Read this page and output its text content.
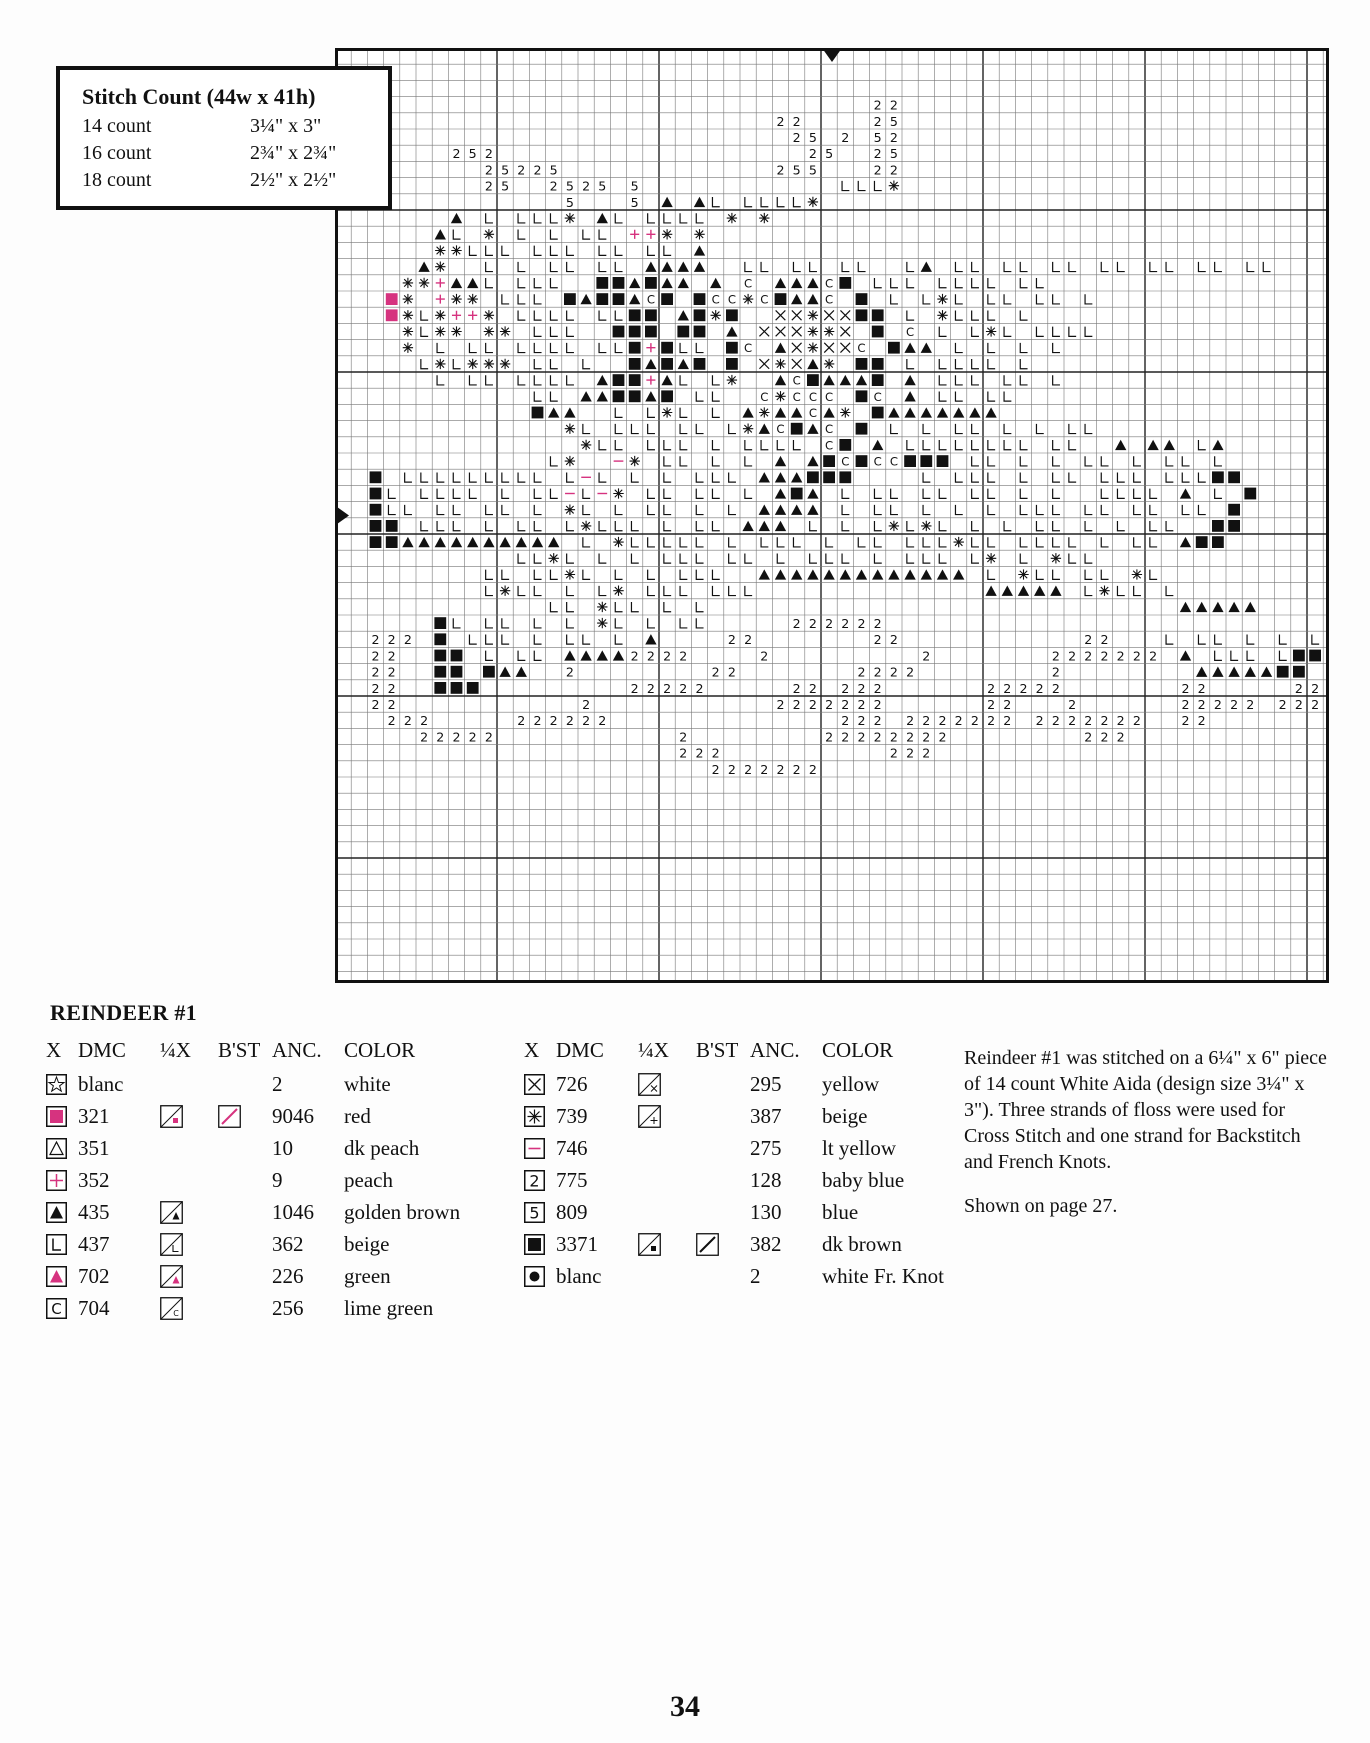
2 2
2 2	2 5
2 5 2 5 2
2 5 2	2 5	2 5
2 5 2 2 5	2 5 5	2 2
2 5	2 5 2 5 5
5	5
C	C
C	C C C	C
C
C	C
C
C C C C	C
C
C	C
C
C C C
2 2 2 2 2 2
2 2 2	2 2	2 2	2 2
2 2	2 2 2 2	2	2	2 2 2 2 2 2 2
2 2	2	2 2	2 2 2 2	2
2 2	2 2 2 2 2	2 2 2 2 2	2 2 2 2 2	2 2	2 2
2 2	2	2 2 2 2 2 2 2	2 2	2	2 2 2 2 2 2 2 2
2 2 2	2 2 2 2 2 2	2 2 2 2 2 2 2 2 2 2 2 2 2 2 2 2 2	2 2
2 2 2 2 2	2	2 2 2 2 2 2 2 2	2 2 2
2 2 2	2 2 2
2 2 2 2 2 2 2
Stitch Count (44w x 41h)
14 count	3¼" x 3"
16 count	2¾" x 2¾"
18 count	2½" x 2½"
REINDEER #1
X DMC	¼X	B'ST ANC.	COLOR
blanc	2	white
321	9046	red
351	10	dk peach
352	9	peach
435	1046	golden brown
437	362	beige
702	226	green
C 704	C	256	lime green
X DMC	¼X	B'ST ANC.	COLOR
726	295	yellow
739	387	beige
746	275	lt yellow
2 775	128	baby blue
5 809	130	blue
3371	382	dk brown
blanc	2	white Fr. Knot

Reindeer #1 was stitched on a 6¼" x 6" piece of 14 count White Aida (design size 3¼" x 3"). Three strands of floss were used for Cross Stitch and one strand for Backstitch and French Knots.

Shown on page 27.

34
